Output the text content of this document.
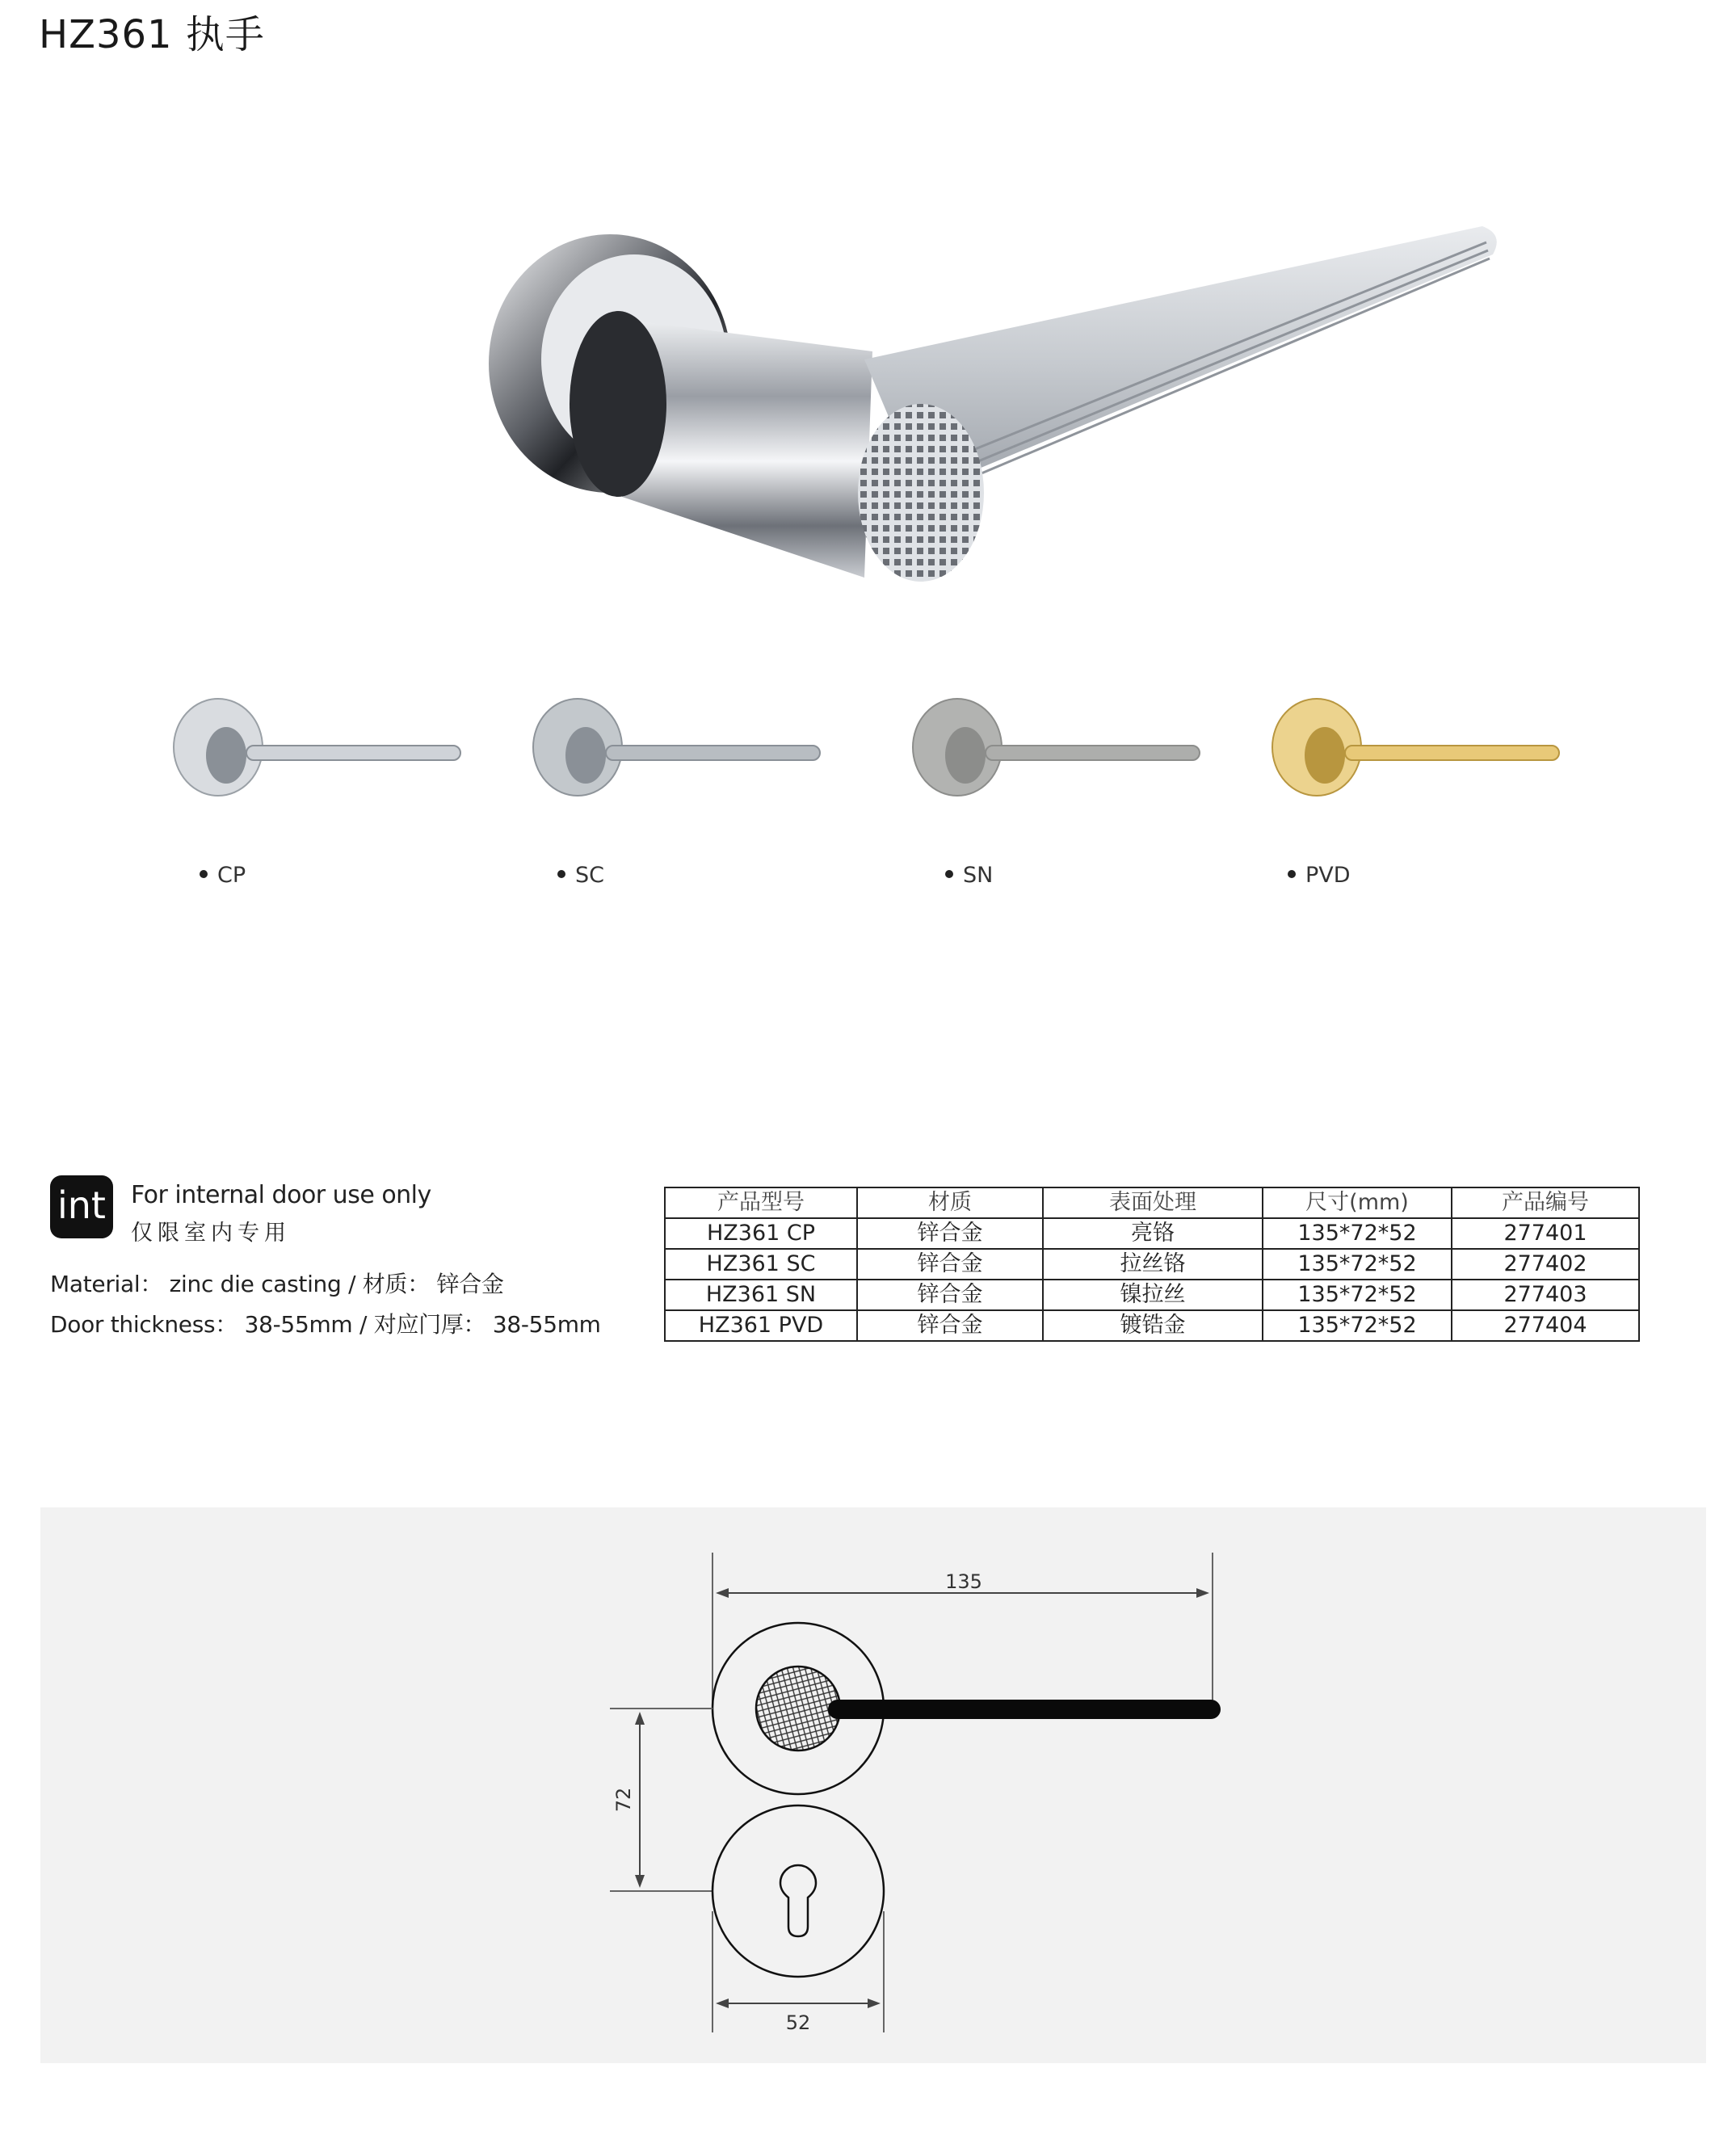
HZ361 执手
CP	SC	SN	PVD
int	For internal door use only
仅限室内专用
Material： zinc die casting / 材质： 锌合金
Door thickness： 38-55mm / 对应门厚： 38-55mm
产品型号	材质	表面处理	尺寸(mm)	产品编号
HZ361 CP	锌合金	亮铬	135*72*52	277401
HZ361 SC	锌合金	拉丝铬	135*72*52	277402
HZ361 SN	锌合金	镍拉丝	135*72*52	277403
HZ361 PVD	锌合金	镀锆金	135*72*52	277404
135
72
52
